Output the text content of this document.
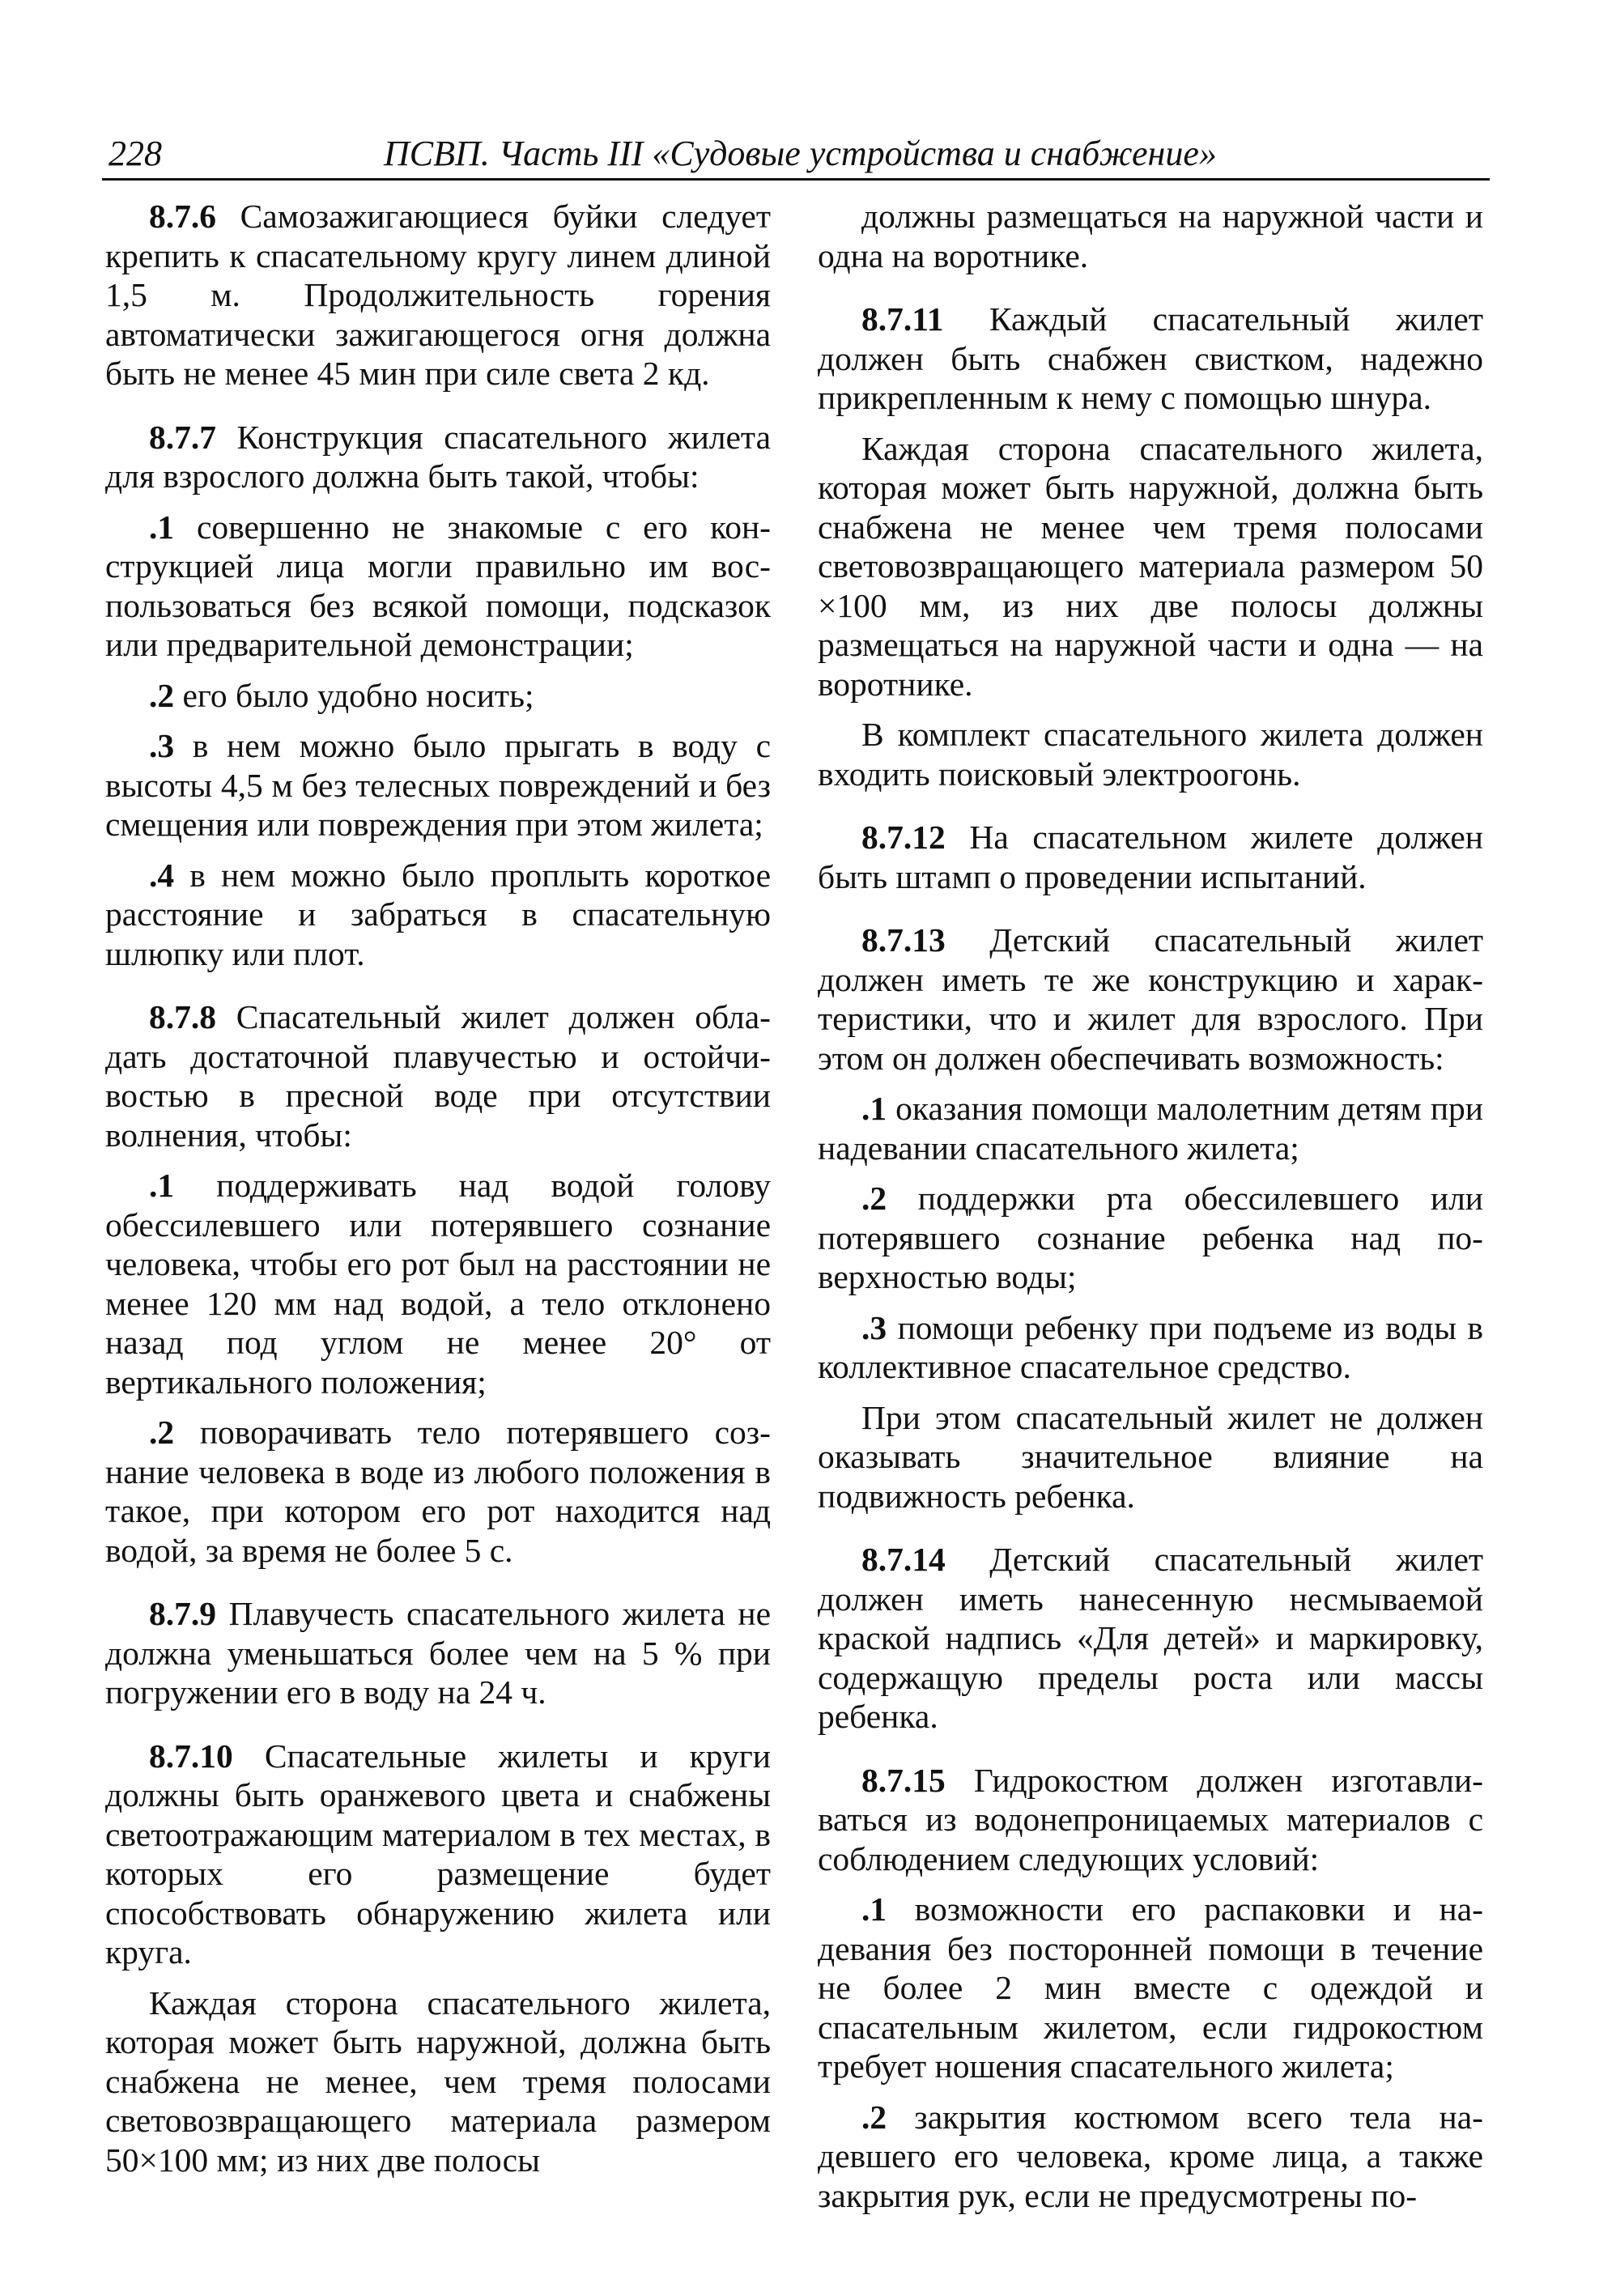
228	ПСВП. Часть III «Судовые устройства и снабжение»

8.7.6 Самозажигающиеся буйки следует крепить к спасательному кругу линем длиной 1,5 м. Продолжительность горения автоматически зажигающегося огня должна быть не менее 45 мин при силе света 2 кд.

8.7.7 Конструкция спасательного жилета для взрослого должна быть такой, чтобы:

.1 совершенно не знакомые с его конструкцией лица могли правильно им воспользоваться без всякой помощи, подсказок или предварительной демонстрации;

.2 его было удобно носить;

.3 в нем можно было прыгать в воду с высоты 4,5 м без телесных повреждений и без смещения или повреждения при этом жилета;

.4 в нем можно было проплыть короткое расстояние и забраться в спасательную шлюпку или плот.

8.7.8 Спасательный жилет должен обладать достаточной плавучестью и остойчивостью в пресной воде при отсутствии волнения, чтобы:

.1 поддерживать над водой голову обессилевшего или потерявшего сознание человека, чтобы его рот был на расстоянии не менее 120 мм над водой, а тело отклонено назад под углом не менее 20° от вертикального положения;

.2 поворачивать тело потерявшего сознание человека в воде из любого положения в такое, при котором его рот находится над водой, за время не более 5 с.

8.7.9 Плавучесть спасательного жилета не должна уменьшаться более чем на 5 % при погружении его в воду на 24 ч.

8.7.10 Спасательные жилеты и круги должны быть оранжевого цвета и снабжены светоотражающим материалом в тех местах, в которых его размещение будет способствовать обнаружению жилета или круга.

Каждая сторона спасательного жилета, которая может быть наружной, должна быть снабжена не менее, чем тремя полосами световозвращающего материала размером 50×100 мм; из них две полосы

должны размещаться на наружной части и одна на воротнике.

8.7.11 Каждый спасательный жилет должен быть снабжен свистком, надежно прикрепленным к нему с помощью шнура.

Каждая сторона спасательного жилета, которая может быть наружной, должна быть снабжена не менее чем тремя полосами световозвращающего материала размером 50 ×100 мм, из них две полосы должны размещаться на наружной части и одна — на воротнике.

В комплект спасательного жилета должен входить поисковый электроогонь.

8.7.12 На спасательном жилете должен быть штамп о проведении испытаний.

8.7.13 Детский спасательный жилет должен иметь те же конструкцию и характеристики, что и жилет для взрослого. При этом он должен обеспечивать возможность:

.1 оказания помощи малолетним детям при надевании спасательного жилета;

.2 поддержки рта обессилевшего или потерявшего сознание ребенка над поверхностью воды;

.3 помощи ребенку при подъеме из воды в коллективное спасательное средство.

При этом спасательный жилет не должен оказывать значительное влияние на подвижность ребенка.

8.7.14 Детский спасательный жилет должен иметь нанесенную несмываемой краской надпись «Для детей» и маркировку, содержащую пределы роста или массы ребенка.

8.7.15 Гидрокостюм должен изготавливаться из водонепроницаемых материалов с соблюдением следующих условий:

.1 возможности его распаковки и надевания без посторонней помощи в течение не более 2 мин вместе с одеждой и спасательным жилетом, если гидрокостюм требует ношения спасательного жилета;

.2 закрытия костюмом всего тела надевшего его человека, кроме лица, а также закрытия рук, если не предусмотрены по-
